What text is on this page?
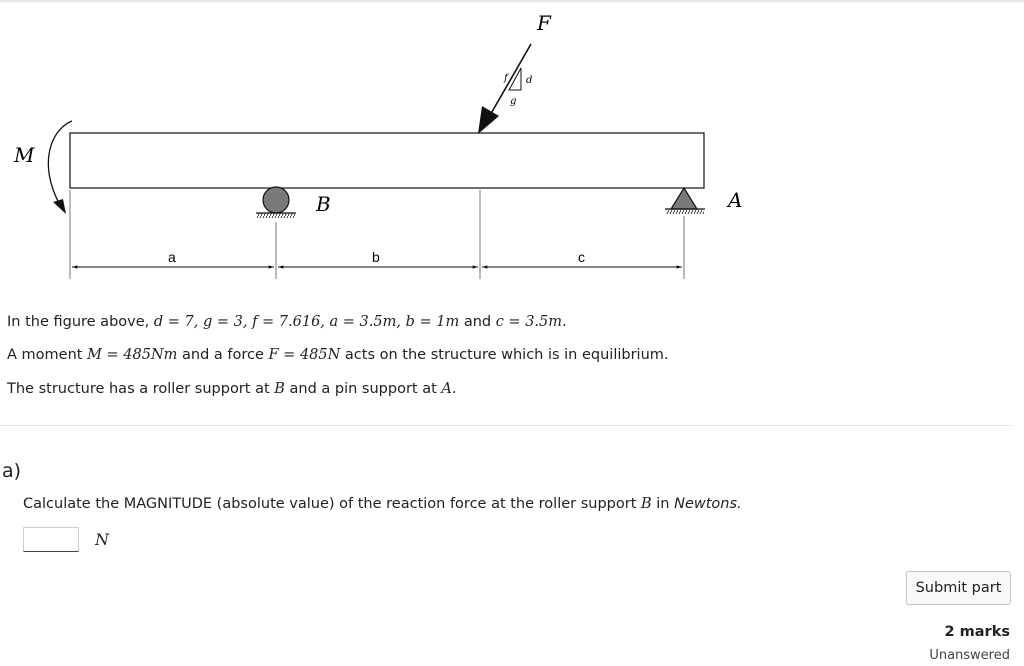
M
F
f d
g
B	A
a	b	c
In the figure above, d = 7, g = 3, f = 7.616, a = 3.5m, b = 1m and c = 3.5m.
A moment M = 485Nm and a force F = 485N acts on the structure which is in equilibrium.
The structure has a roller support at B and a pin support at A.
a)
Calculate the MAGNITUDE (absolute value) of the reaction force at the roller support B in Newtons.
N
Submit part
2 marks
Unanswered
